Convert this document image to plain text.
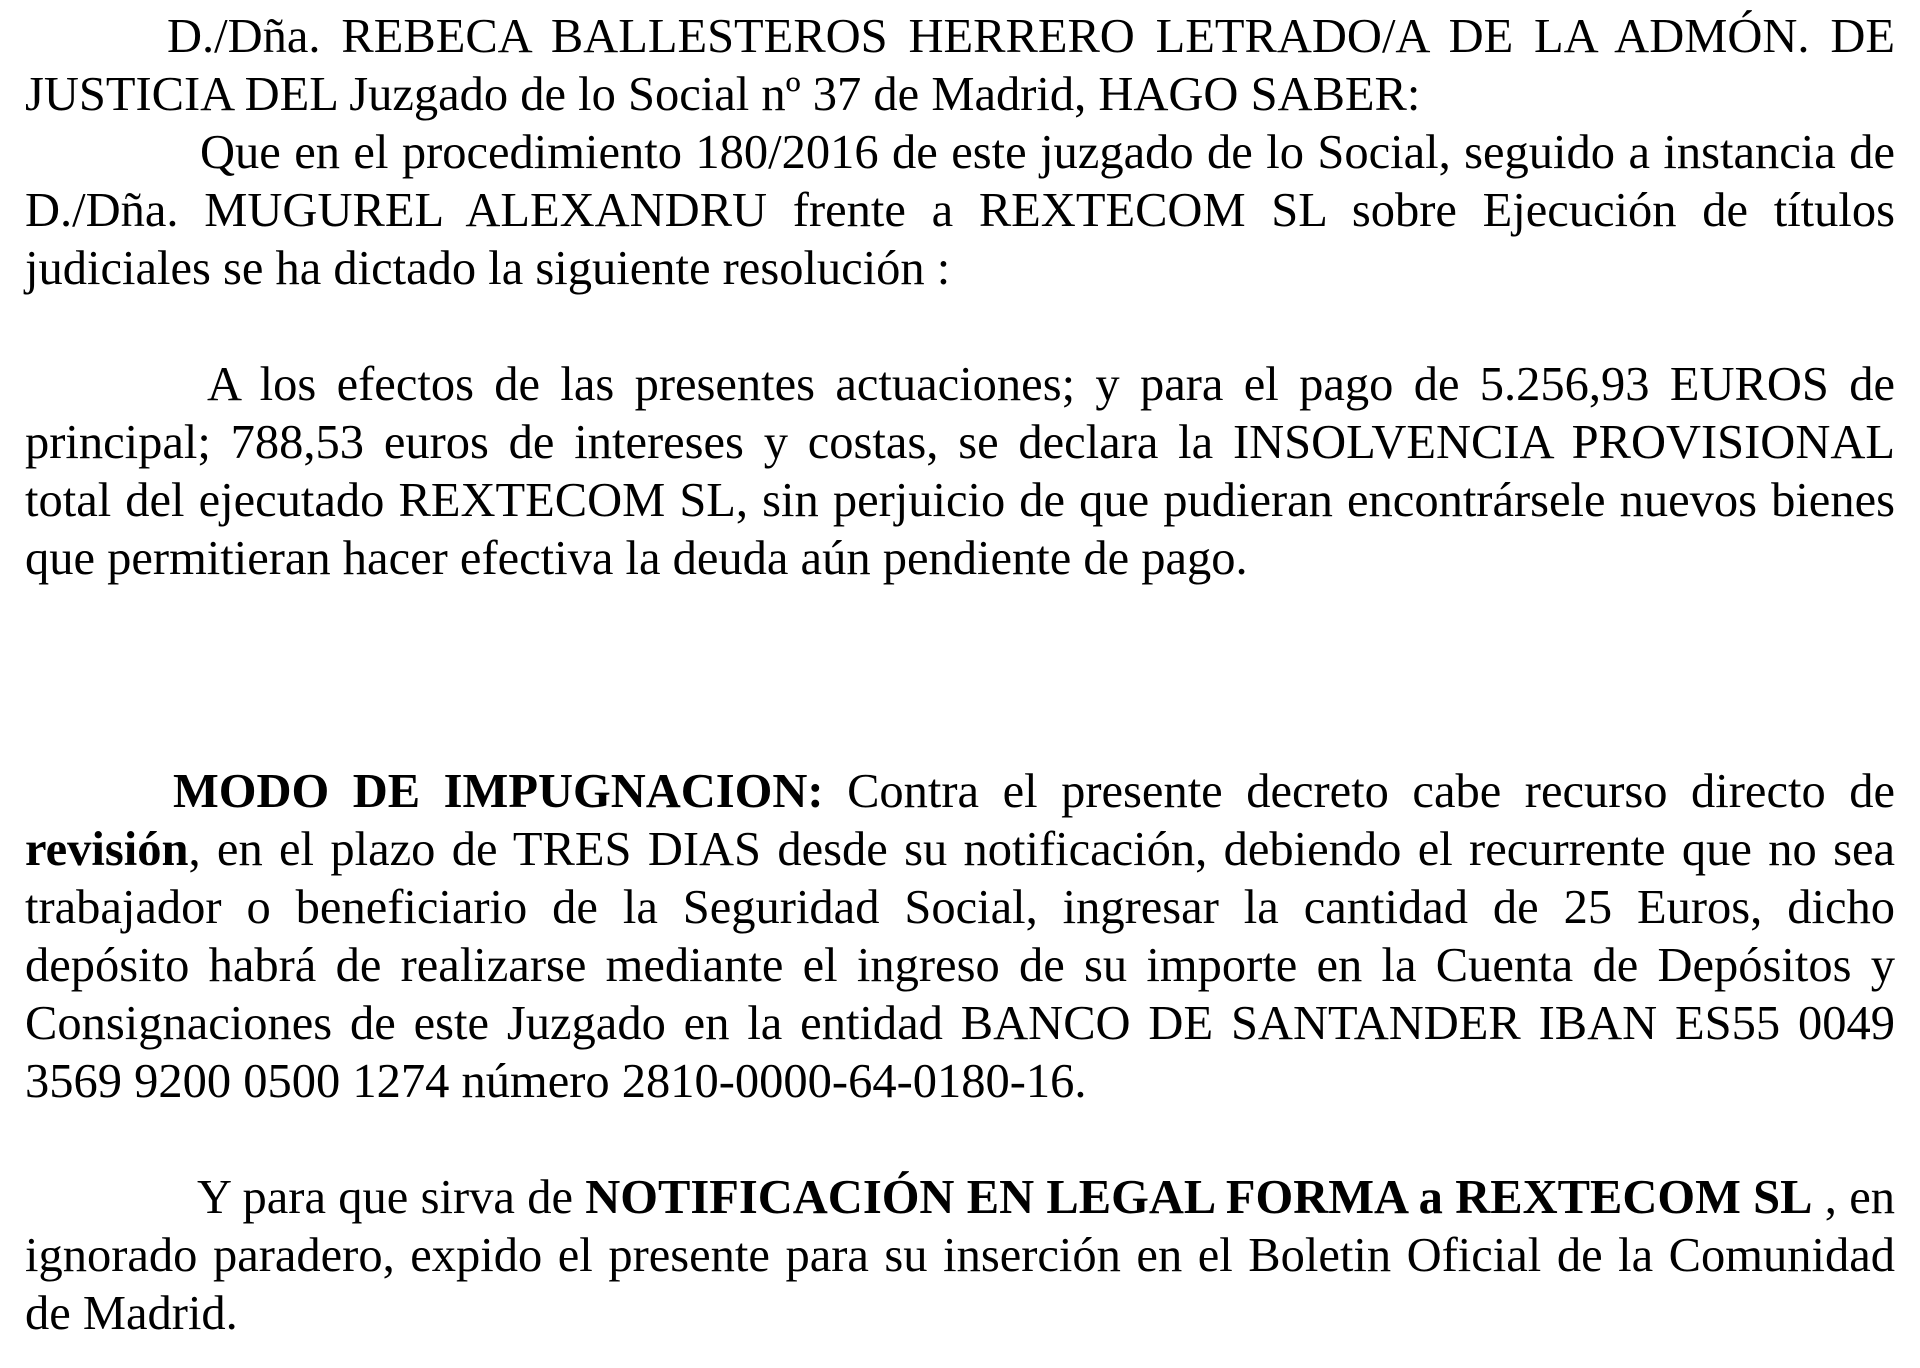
D./Dña. REBECA BALLESTEROS HERRERO LETRADO/A DE LA ADMÓN. DE JUSTICIA DEL Juzgado de lo Social nº 37 de Madrid, HAGO SABER:

Que en el procedimiento 180/2016 de este juzgado de lo Social, seguido a instancia de D./Dña. MUGUREL ALEXANDRU frente a REXTECOM SL sobre Ejecución de títulos judiciales se ha dictado la siguiente resolución :

A los efectos de las presentes actuaciones; y para el pago de 5.256,93 EUROS de principal; 788,53 euros de intereses y costas, se declara la INSOLVENCIA PROVISIONAL total del ejecutado REXTECOM SL, sin perjuicio de que pudieran encontrársele nuevos bienes que permitieran hacer efectiva la deuda aún pendiente de pago.

MODO DE IMPUGNACION: Contra el presente decreto cabe recurso directo de revisión, en el plazo de TRES DIAS desde su notificación, debiendo el recurrente que no sea trabajador o beneficiario de la Seguridad Social, ingresar la cantidad de 25 Euros, dicho depósito habrá de realizarse mediante el ingreso de su importe en la Cuenta de Depósitos y Consignaciones de este Juzgado en la entidad BANCO DE SANTANDER IBAN ES55 0049 3569 9200 0500 1274 número 2810-0000-64-0180-16.

Y para que sirva de NOTIFICACIÓN EN LEGAL FORMA a REXTECOM SL , en ignorado paradero, expido el presente para su inserción en el Boletin Oficial de la Comunidad de Madrid.
